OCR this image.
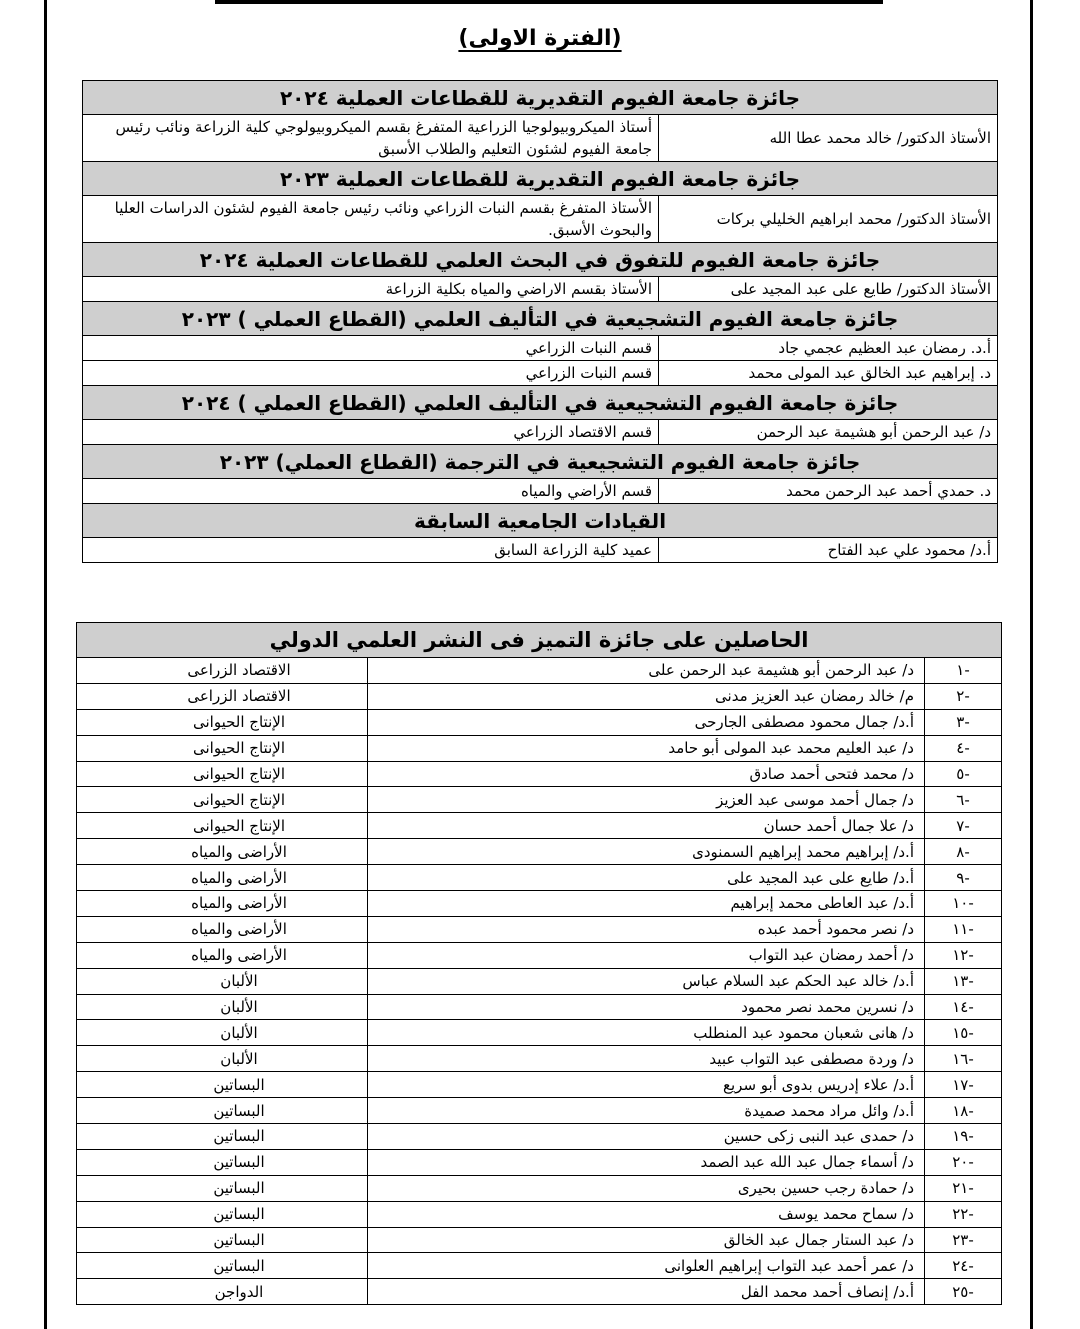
(الفترة الاولى)
جائزة جامعة الفيوم التقديرية للقطاعات العملية ٢٠٢٤	
الأستاذ الدكتور/ خالد محمد عطا الله	أستاذ الميكروبيولوجيا الزراعية المتفرغ بقسم الميكروبيولوجي كلية الزراعة ونائب رئيس جامعة الفيوم لشئون التعليم والطلاب الأسبق
جائزة جامعة الفيوم التقديرية للقطاعات العملية ٢٠٢٣	
الأستاذ الدكتور/ محمد ابراهيم الخليلي بركات	الأستاذ المتفرغ بقسم النبات الزراعي ونائب رئيس جامعة الفيوم لشئون الدراسات العليا والبحوث الأسبق.
جائزة جامعة الفيوم للتفوق في البحث العلمي للقطاعات العملية ٢٠٢٤	
الأستاذ الدكتور/ طايع على عبد المجيد على	الأستاذ بقسم الاراضي والمياه بكلية الزراعة
جائزة جامعة الفيوم التشجيعية في التأليف العلمي (القطاع العملي ) ٢٠٢٣	
أ.د. رمضان عبد العظيم عجمي جاد	قسم النبات الزراعي
د. إبراهيم عبد الخالق عبد المولى محمد	قسم النبات الزراعي
جائزة جامعة الفيوم التشجيعية في التأليف العلمي (القطاع العملي ) ٢٠٢٤	
د/ عبد الرحمن أبو هشيمة عبد الرحمن	قسم الاقتصاد الزراعي
جائزة جامعة الفيوم التشجيعية في الترجمة (القطاع العملي) ٢٠٢٣	
د. حمدي أحمد عبد الرحمن محمد	قسم الأراضي والمياه
القيادات الجامعية السابقة	
أ.د/ محمود علي عبد الفتاح	عميد كلية الزراعة السابق
الحاصلين على جائزة التميز فى النشر العلمي الدولي		
-١	د/ عبد الرحمن أبو هشيمة عبد الرحمن على	الاقتصاد الزراعى
-٢	م/ خالد رمضان عبد العزيز مدنى	الاقتصاد الزراعى
-٣	أ.د/ جمال محمود مصطفى الجارحى	الإنتاج الحيوانى
-٤	د/ عبد العليم محمد عبد المولى أبو حامد	الإنتاج الحيوانى
-٥	د/ محمد فتحى أحمد صادق	الإنتاج الحيوانى
-٦	د/ جمال أحمد موسى عبد العزيز	الإنتاج الحيوانى
-٧	د/ علا جمال أحمد حسان	الإنتاج الحيوانى
-٨	أ.د/ إبراهيم محمد إبراهيم السمنودى	الأراضى والمياه
-٩	أ.د/ طايع على عبد المجيد على	الأراضى والمياه
-١٠	أ.د/ عبد العاطى محمد إبراهيم	الأراضى والمياه
-١١	د/ نصر محمود أحمد عبده	الأراضى والمياه
-١٢	د/ أحمد رمضان عبد التواب	الأراضى والمياه
-١٣	أ.د/ خالد عبد الحكم عبد السلام عباس	الألبان
-١٤	د/ نسرين محمد نصر محمود	الألبان
-١٥	د/ هانى شعبان محمود عبد المنطلب	الألبان
-١٦	د/ وردة مصطفى عبد التواب عبيد	الألبان
-١٧	أ.د/ علاء إدريس بدوى أبو سريع	البساتين
-١٨	أ.د/ وائل مراد محمد صميدة	البساتين
-١٩	د/ حمدى عبد النبى زكى حسين	البساتين
-٢٠	د/ أسماء جمال عبد الله عبد الصمد	البساتين
-٢١	د/ حمادة رجب حسين بحيرى	البساتين
-٢٢	د/ سماح محمد يوسف	البساتين
-٢٣	د/ عبد الستار جمال عبد الخالق	البساتين
-٢٤	د/ عمر أحمد عبد التواب إبراهيم العلوانى	البساتين
-٢٥	أ.د/ إنصاف أحمد محمد الفل	الدواجن
